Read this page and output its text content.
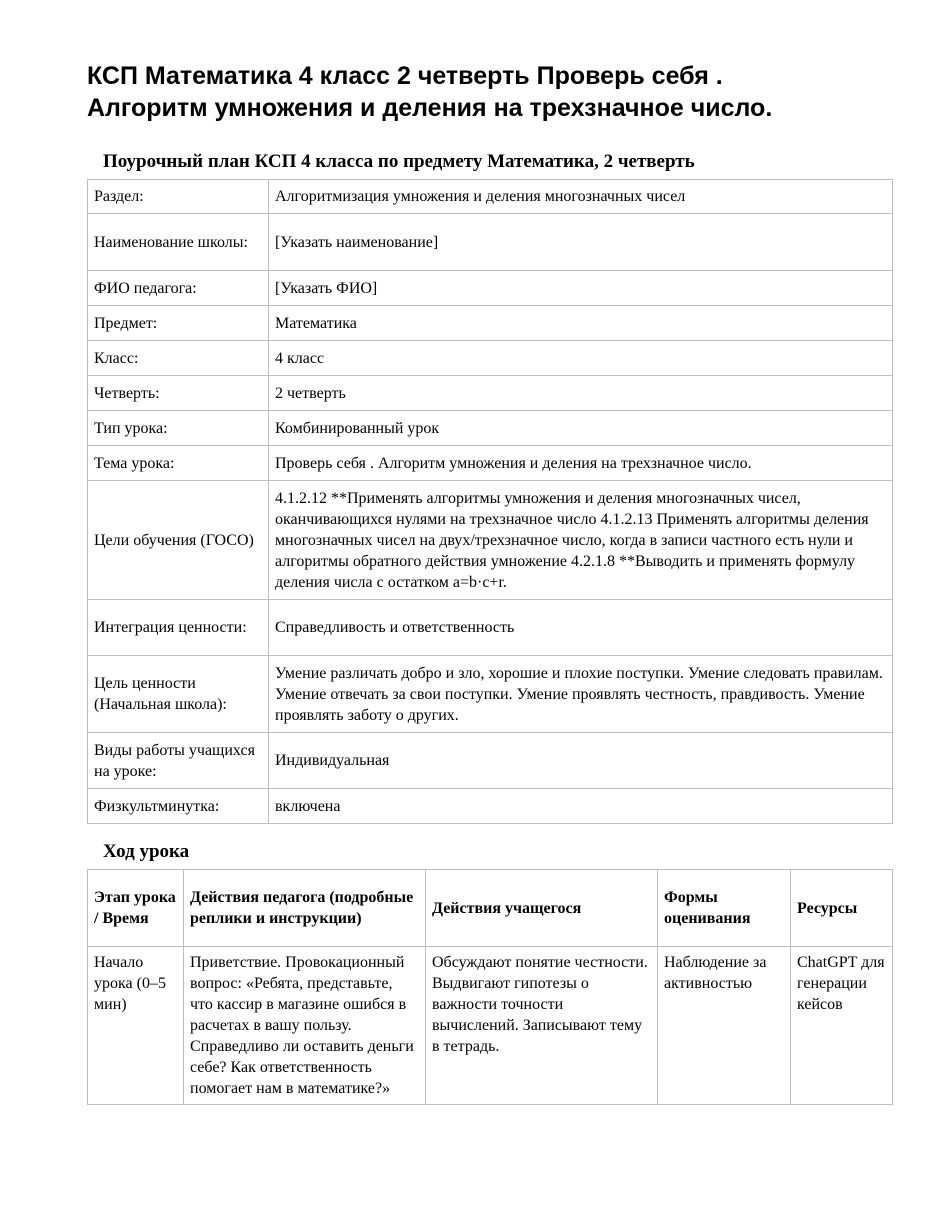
КСП Математика 4 класс 2 четверть Проверь себя .
Алгоритм умножения и деления на трехзначное число.
Поурочный план КСП 4 класса по предмету Математика, 2 четверть
Раздел:	Алгоритмизация умножения и деления многозначных чисел
Наименование школы:	[Указать наименование]
ФИО педагога:	[Указать ФИО]
Предмет:	Математика
Класс:	4 класс
Четверть:	2 четверть
Тип урока:	Комбинированный урок
Тема урока:	Проверь себя . Алгоритм умножения и деления на трехзначное число.
Цели обучения (ГОСО)	4.1.2.12 **Применять алгоритмы умножения и деления многозначных чисел, оканчивающихся нулями на трехзначное число 4.1.2.13 Применять алгоритмы деления многозначных чисел на двух/трехзначное число, когда в записи частного есть нули и алгоритмы обратного действия умножение 4.2.1.8 **Выводить и применять формулу деления числа с остатком a=b·c+r.
Интеграция ценности:	Справедливость и ответственность
Цель ценности (Начальная школа):	Умение различать добро и зло, хорошие и плохие поступки. Умение следовать правилам. Умение отвечать за свои поступки. Умение проявлять честность, правдивость. Умение проявлять заботу о других.
Виды работы учащихся на уроке:	Индивидуальная
Физкультминутка:	включена
Ход урока
Этап урока / Время	Действия педагога (подробные реплики и инструкции)	Действия учащегося	Формы оценивания	Ресурсы
Начало урока (0–5 мин)	Приветствие. Провокационный вопрос: «Ребята, представьте, что кассир в магазине ошибся в расчетах в вашу пользу. Справедливо ли оставить деньги себе? Как ответственность помогает нам в математике?»	Обсуждают понятие честности. Выдвигают гипотезы о важности точности вычислений. Записывают тему в тетрадь.	Наблюдение за активностью	ChatGPT для генерации кейсов
